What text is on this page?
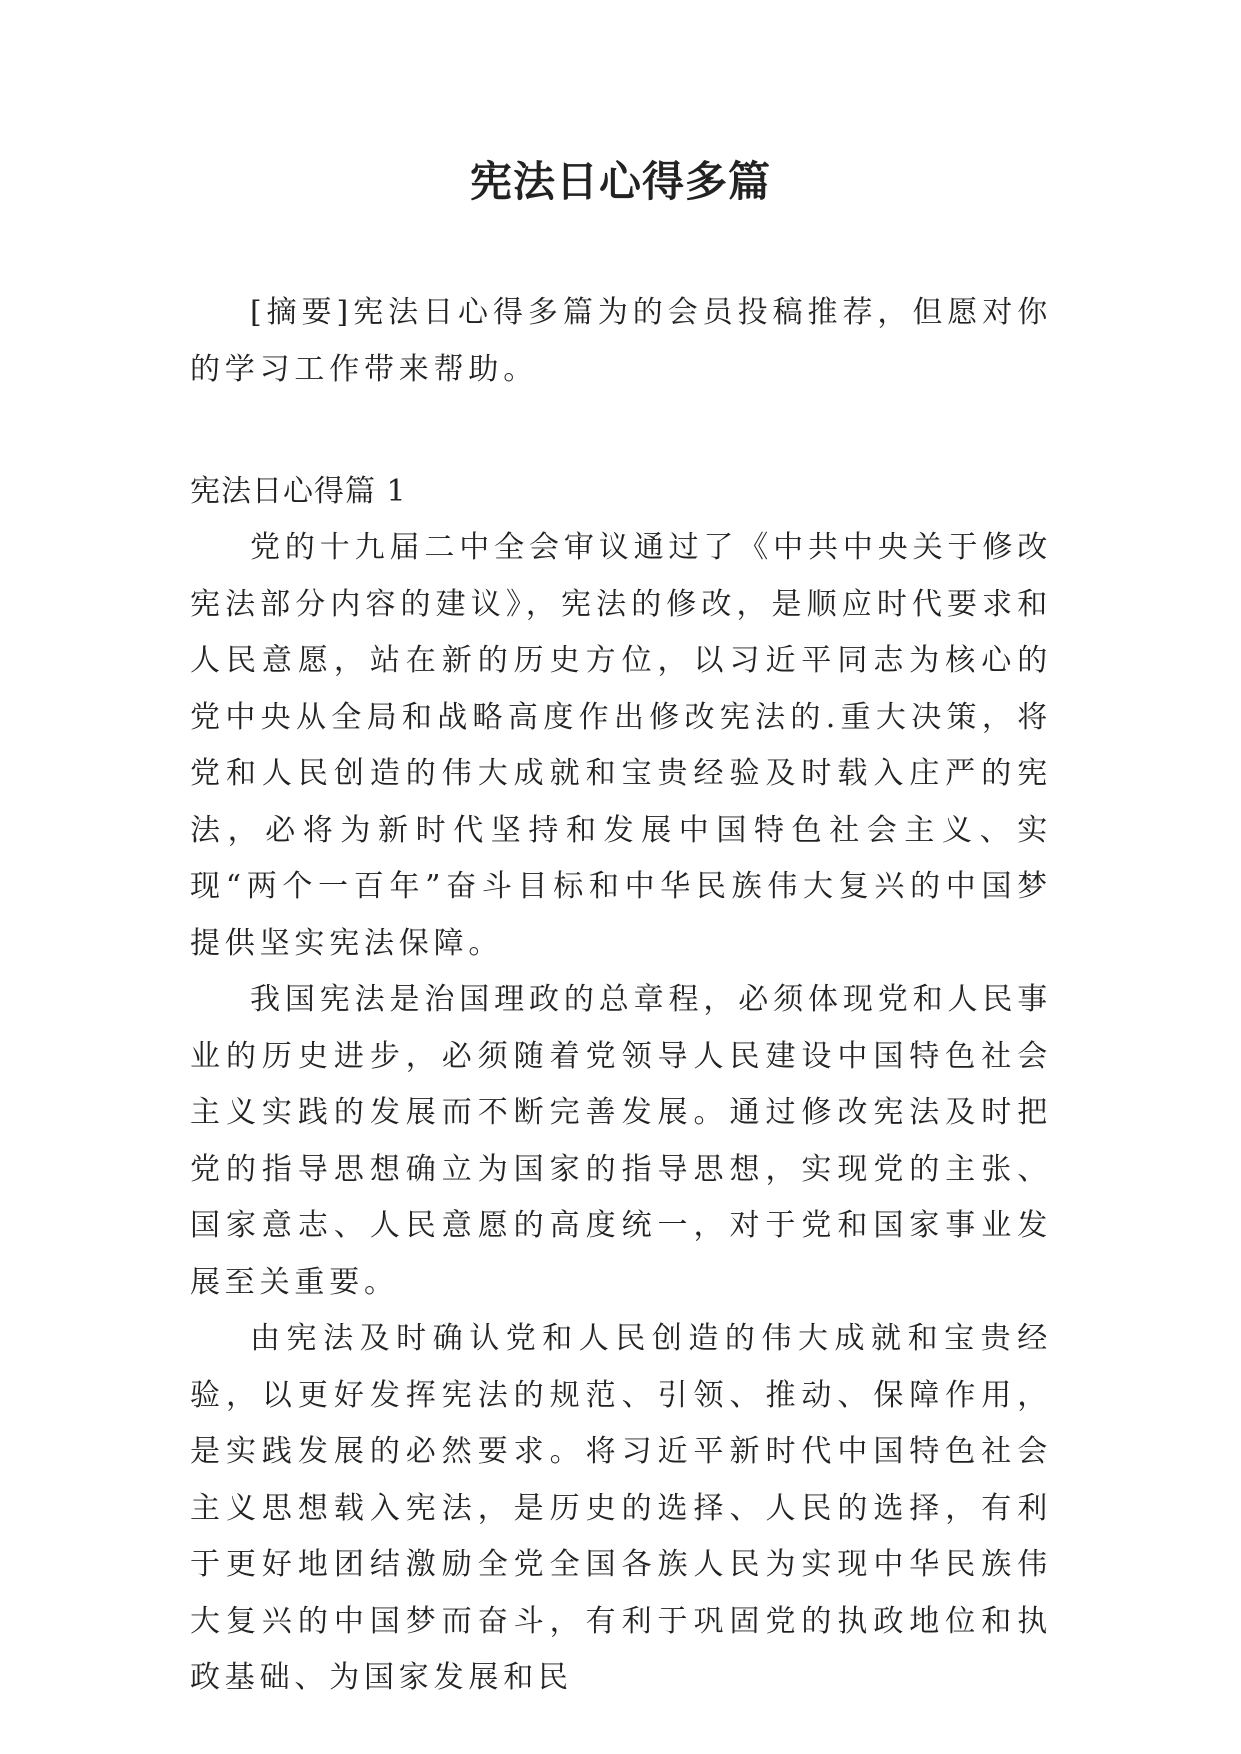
宪法日心得多篇

[摘要]宪法日心得多篇为的会员投稿推荐，但愿对你的学习工作带来帮助。

宪法日心得篇 1

党的十九届二中全会审议通过了《中共中央关于修改宪法部分内容的建议》，宪法的修改，是顺应时代要求和人民意愿，站在新的历史方位，以习近平同志为核心的党中央从全局和战略高度作出修改宪法的.重大决策，将党和人民创造的伟大成就和宝贵经验及时载入庄严的宪法，必将为新时代坚持和发展中国特色社会主义、实现“两个一百年”奋斗目标和中华民族伟大复兴的中国梦提供坚实宪法保障。

我国宪法是治国理政的总章程，必须体现党和人民事业的历史进步，必须随着党领导人民建设中国特色社会主义实践的发展而不断完善发展。通过修改宪法及时把党的指导思想确立为国家的指导思想，实现党的主张、国家意志、人民意愿的高度统一，对于党和国家事业发展至关重要。

由宪法及时确认党和人民创造的伟大成就和宝贵经验，以更好发挥宪法的规范、引领、推动、保障作用，是实践发展的必然要求。将习近平新时代中国特色社会主义思想载入宪法，是历史的选择、人民的选择，有利于更好地团结激励全党全国各族人民为实现中华民族伟大复兴的中国梦而奋斗，有利于巩固党的执政地位和执政基础、为国家发展和民
